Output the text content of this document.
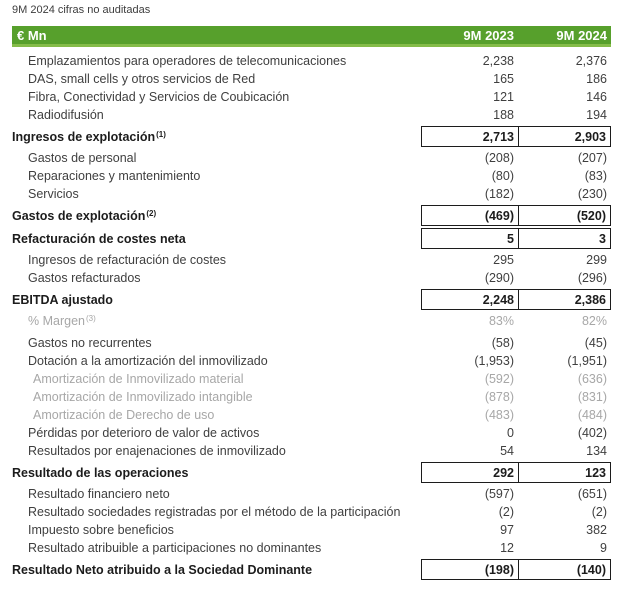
9M 2024 cifras no auditadas
€ Mn	9M 2023	9M 2024
Emplazamientos para operadores de telecomunicaciones	2,238	2,376
DAS, small cells y otros servicios de Red	165	186
Fibra, Conectividad y Servicios de Coubicación	121	146
Radiodifusión	188	194
Ingresos de explotación$^{(1)}$	2,713	2,903
Gastos de personal	(208)	(207)
Reparaciones y mantenimiento	(80)	(83)
Servicios	(182)	(230)
Gastos de explotación$^{(2)}$	(469)	(520)
Refacturación de costes neta	5	3
Ingresos de refacturación de costes	295	299
Gastos refacturados	(290)	(296)
EBITDA ajustado	2,248	2,386
% Margen$^{(3)}$	83%	82%
Gastos no recurrentes	(58)	(45)
Dotación a la amortización del inmovilizado	(1,953)	(1,951)
Amortización de Inmovilizado material	(592)	(636)
Amortización de Inmovilizado intangible	(878)	(831)
Amortización de Derecho de uso	(483)	(484)
Pérdidas por deterioro de valor de activos	0	(402)
Resultados por enajenaciones de inmovilizado	54	134
Resultado de las operaciones	292	123
Resultado financiero neto	(597)	(651)
Resultado sociedades registradas por el método de la participación	(2)	(2)
Impuesto sobre beneficios	97	382
Resultado atribuible a participaciones no dominantes	12	9
Resultado Neto atribuido a la Sociedad Dominante	(198)	(140)
